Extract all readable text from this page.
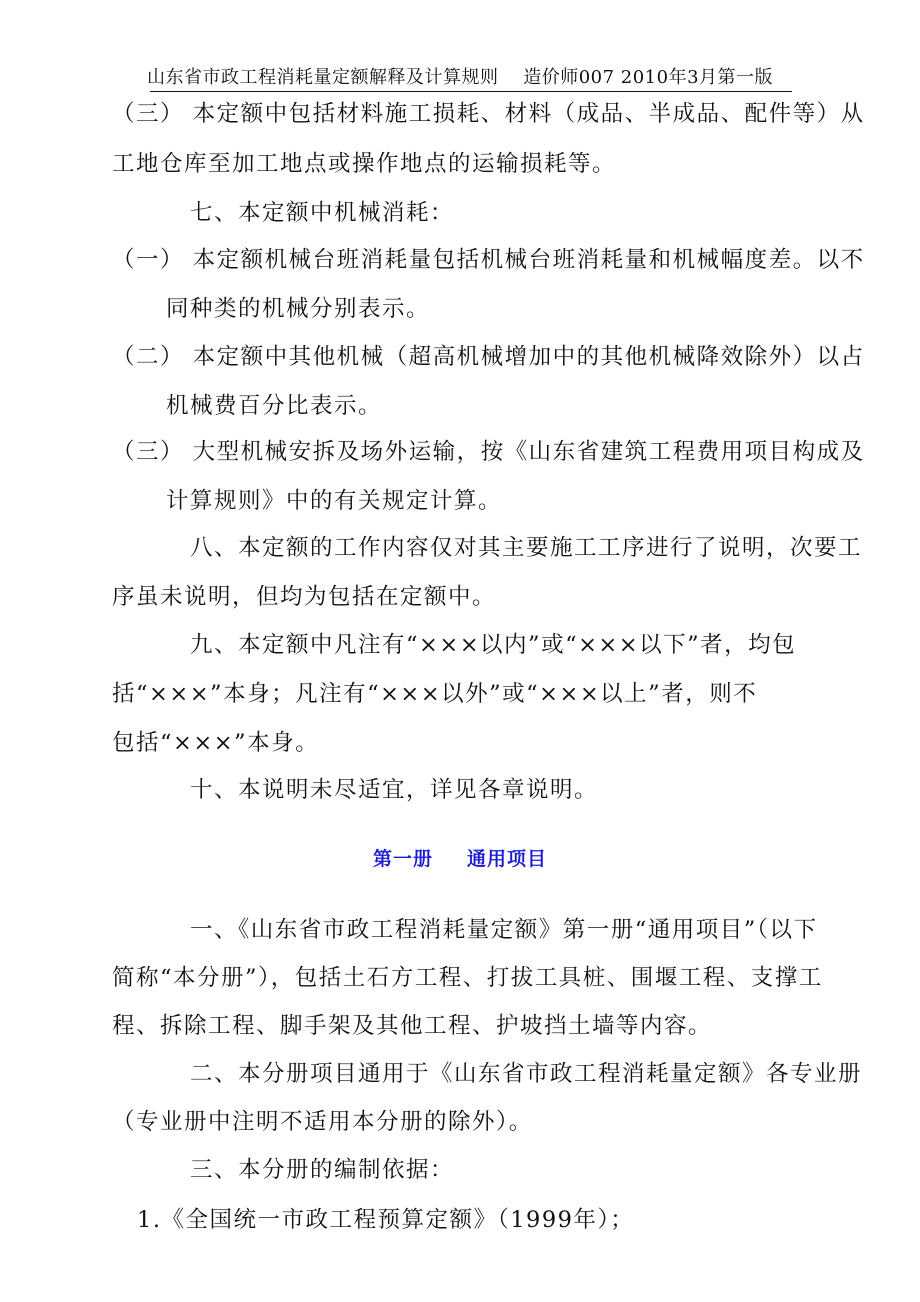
山东省市政工程消耗量定额解释及计算规则　 造价师007 2010年3月第一版
（三） 本定额中包括材料施工损耗、材料（成品、半成品、配件等）从
工地仓库至加工地点或操作地点的运输损耗等。
七、本定额中机械消耗：
（一） 本定额机械台班消耗量包括机械台班消耗量和机械幅度差。以不
同种类的机械分别表示。
（二） 本定额中其他机械（超高机械增加中的其他机械降效除外）以占
机械费百分比表示。
（三） 大型机械安拆及场外运输，按《山东省建筑工程费用项目构成及
计算规则》中的有关规定计算。
八、本定额的工作内容仅对其主要施工工序进行了说明，次要工
序虽未说明，但均为包括在定额中。
九、本定额中凡注有“×××以内”或“×××以下”者，均包
括“×××”本身；凡注有“×××以外”或“×××以上”者，则不
包括“×××”本身。
十、本说明未尽适宜，详见各章说明。
第一册 通用项目
一、《山东省市政工程消耗量定额》第一册“通用项目”（以下
简称“本分册”），包括土石方工程、打拔工具桩、围堰工程、支撑工
程、拆除工程、脚手架及其他工程、护坡挡土墙等内容。
二、本分册项目通用于《山东省市政工程消耗量定额》各专业册
（专业册中注明不适用本分册的除外）。
三、本分册的编制依据：
1.《全国统一市政工程预算定额》（1999年）；
